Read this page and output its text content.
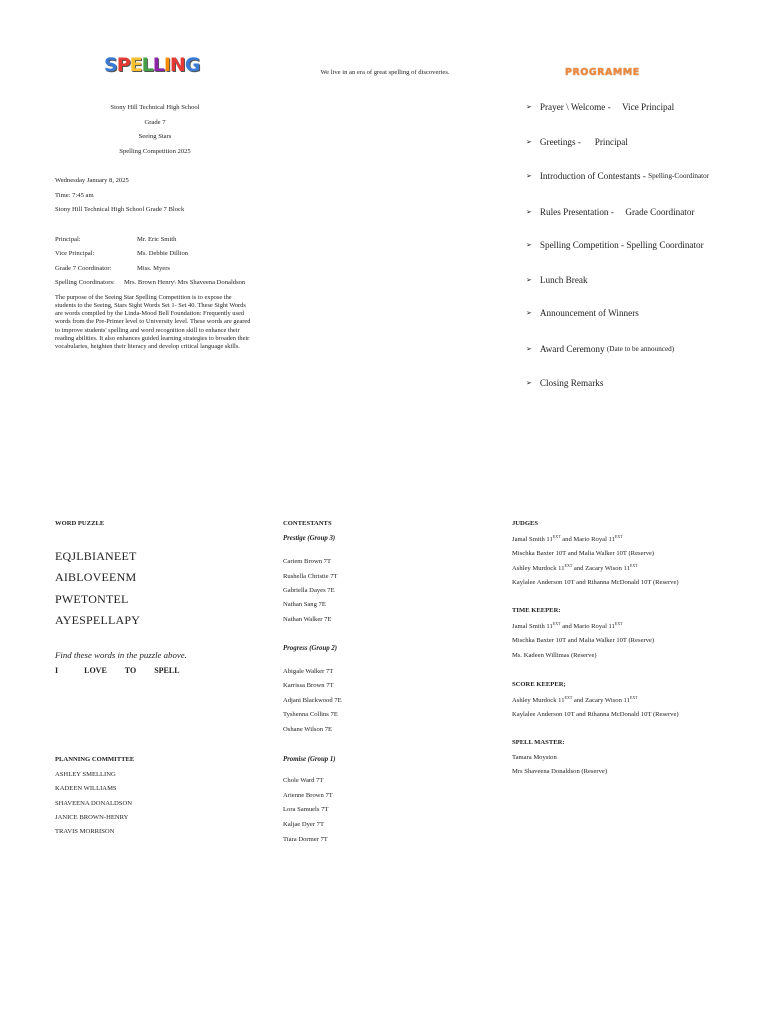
S P E L L I N G	We live in an era of great spelling of discoveries.	PROGRAMME
Stony Hill Technical High School
Grade 7
Seeing Stars
Spelling Competition 2025
Wednesday January 8, 2025
Time: 7:45 am
Stony Hill Technical High School Grade 7 Block
Principal:	Mr. Eric Smith
Vice Principal:	Ms. Debbie Dillion
Grade 7 Coordinator:	Miss. Myers
Spelling Coordinators: Mrs. Brown Henry\ Mrs Shaveena Donaldson
The purpose of the Seeing Star Spelling Competition is to expose the students to the Seeing, Stars Sight Words Set 1- Set 40. These Sight Words are words compiled by the Linda-Mood Bell Foundation: Frequently used words from the Pre-Primer level to University level. These words are geared to improve students' spelling and word recognition skill to enhance their reading abilities. It also enhances guided learning strategies to broaden their vocabularies, heighten their literacy and develop critical language skills.
➢ Prayer \ Welcome -     Vice Principal
➢ Greetings -      Principal
➢ Introduction of Contestants - Spelling-Coordinator
➢ Rules Presentation -     Grade Coordinator
➢ Spelling Competition - Spelling Coordinator
➢ Lunch Break
➢ Announcement of Winners
➢ Award Ceremony (Date to be announced)
➢ Closing Remarks
WORD PUZZLE
EQJLBIANEET
AIBLOVEENM
PWETONTEL
AYESPELLAPY
Find these words in the puzzle above.
I	LOVE TO SPELL
PLANNING COMMITTEE
ASHLEY SMELLING
KADEEN WILLIAMS
SHAVEENA DONALDSON
JANICE BROWN-HENRY
TRAVIS MORRISON
CONTESTANTS
Prestige (Group 3)
Cariem Brown 7T
Rushella Christie 7T
Gabriella Dayes 7E
Nathan Sang 7E
Nathan Walker 7E
Progress (Group 2)
Abigale Walker 7T
Karrissa Brown 7T
Adjani Blackwood 7E
Tyshenna Collins 7E
Oshane Wilson 7E
Promise (Group 1)
Chole Ward 7T
Arienne Brown 7T
Lora Samuels 7T
Kaljae Dyer 7T
Tiara Dormer 7T
JUDGES
Jamal Smith $11^{EXT}$ and Mario Royal $11^{EXT}$
Mischka Baxter 10T and Malia Walker 10T (Reserve)
Ashley Murdock $11^{EXT}$ and Zacary Wison $11^{EXT}$
Kaylalee Anderson 10T and Rihanna McDonald 10T (Reserve)
TIME KEEPER:
Jamal Smith $11^{EXT}$ and Mario Royal $11^{EXT}$
Mischka Baxter 10T and Malia Walker 10T (Reserve)
Ms. Kadeen Willimas (Reserve)
SCORE KEEPER;
Ashley Murdock $11^{EXT}$ and Zacary Wison $11^{EXT}$
Kaylalee Anderson 10T and Rihanna McDonald 10T (Reserve)
SPELL MASTER:
Tamara Moyston
Mrs Shaveena Donaldson (Reserve)
